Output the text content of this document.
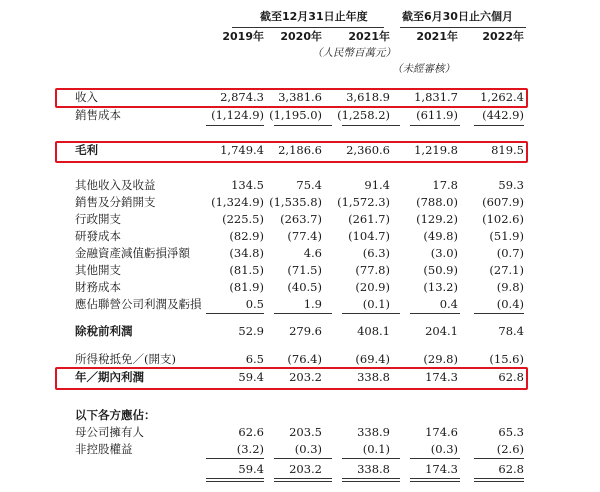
截至12月31日止年度	截至6月30日止六個月
2019年	2020年	2021年	2021年	2022年
（人民幣百萬元）
（未經審核）
收入	2,874.3	3,381.6	3,618.9	1,831.7	1,262.4
銷售成本	(1,124.9) (1,195.0)	(1,258.2)	(611.9)	(442.9)
毛利	1,749.4	2,186.6	2,360.6	1,219.8	819.5
其他收入及收益	134.5	75.4	91.4	17.8	59.3
銷售及分銷開支	(1,324.9) (1,535.8)	(1,572.3)	(788.0)	(607.9)
行政開支	(225.5)	(263.7)	(261.7)	(129.2)	(102.6)
研發成本	(82.9)	(77.4)	(104.7)	(49.8)	(51.9)
金融資產減值虧損淨額	(34.8)	4.6	(6.3)	(3.0)	(0.7)
其他開支	(81.5)	(71.5)	(77.8)	(50.9)	(27.1)
財務成本	(81.9)	(40.5)	(20.9)	(13.2)	(9.8)
應佔聯營公司利潤及虧損	0.5	1.9	(0.1)	0.4	(0.4)
除稅前利潤	52.9	279.6	408.1	204.1	78.4
所得稅抵免／(開支)	6.5	(76.4)	(69.4)	(29.8)	(15.6)
年／期內利潤	59.4	203.2	338.8	174.3	62.8
以下各方應佔：
母公司擁有人	62.6	203.5	338.9	174.6	65.3
非控股權益	(3.2)	(0.3)	(0.1)	(0.3)	(2.6)
59.4	203.2	338.8	174.3	62.8
